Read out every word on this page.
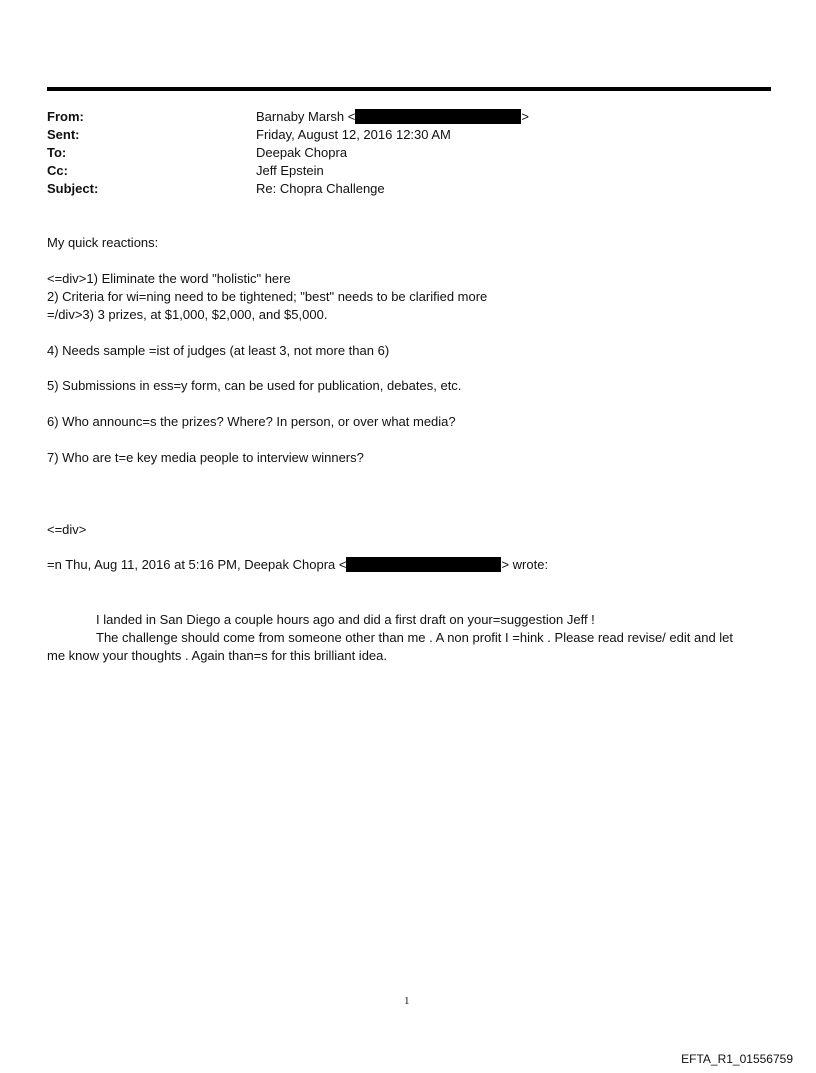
From:
Sent:
To:
Cc:
Subject:
Barnaby Marsh <	>
Friday, August 12, 2016 12:30 AM
Deepak Chopra
Jeff Epstein
Re: Chopra Challenge
My quick reactions:
<=div>1) Eliminate the word "holistic" here
2) Criteria for wi=ning need to be tightened; "best" needs to be clarified more
=/div>3) 3 prizes, at $1,000, $2,000, and $5,000.
4) Needs sample =ist of judges (at least 3, not more than 6)
5) Submissions in ess=y form, can be used for publication, debates, etc.
6) Who announc=s the prizes? Where? In person, or over what media?
7) Who are t=e key media people to interview winners?
<=div>
=n Thu, Aug 11, 2016 at 5:16 PM, Deepak Chopra <	> wrote:
I landed in San Diego a couple hours ago and did a first draft on your=suggestion Jeff !
The challenge should come from someone other than me . A non profit I =hink . Please read revise/ edit and let
me know your thoughts . Again than=s for this brilliant idea.
1
EFTA_R1_01556759
